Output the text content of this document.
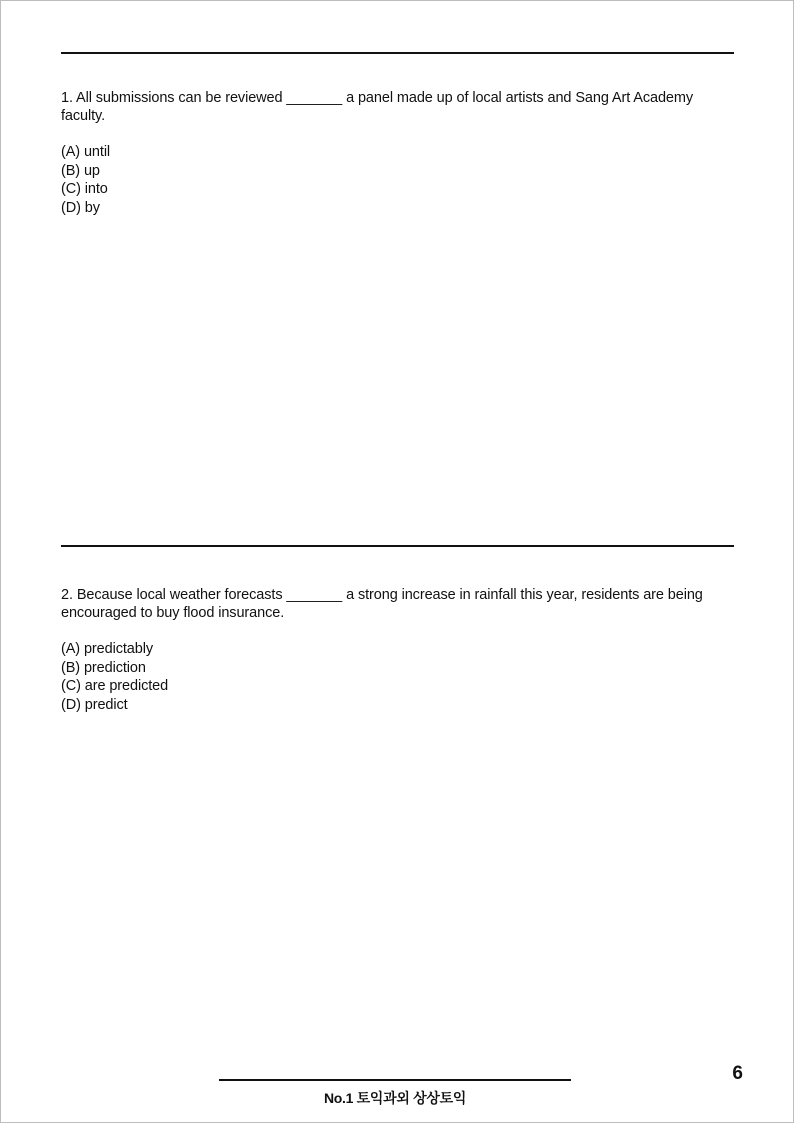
1. All submissions can be reviewed _______ a panel made up of local artists and Sang Art Academy faculty.

(A) until
(B) up
(C) into
(D) by

2. Because local weather forecasts _______ a strong increase in rainfall this year, residents are being encouraged to buy flood insurance.

(A) predictably
(B) prediction
(C) are predicted
(D) predict
No.1 토익과외 상상토익
6
